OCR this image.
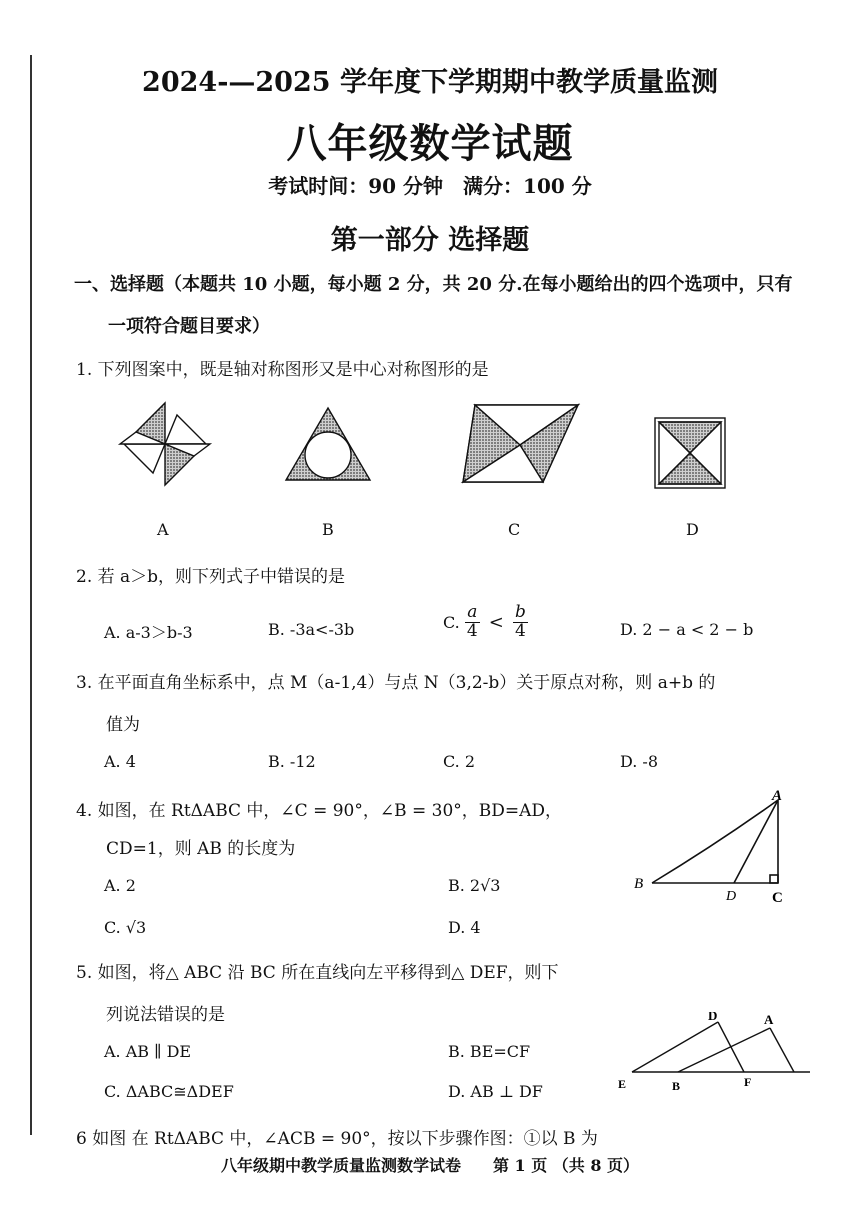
2024-—2025 学年度下学期期中教学质量监测
八年级数学试题
考试时间：90 分钟　满分：100 分
第一部分 选择题
一、选择题（本题共 10 小题，每小题 2 分，共 20 分.在每小题给出的四个选项中，只有
一项符合题目要求）
1. 下列图案中，既是轴对称图形又是中心对称图形的是
A	B	C	D
2. 若 a＞b，则下列式子中错误的是
A. a-3＞b-3	B. -3a<-3b	C. $\frac{a}{4} < \frac{b}{4}$	D. 2 − a < 2 − b
3. 在平面直角坐标系中，点 M（a-1,4）与点 N（3,2-b）关于原点对称，则 a+b 的
值为
A. 4	B. -12	C. 2	D. -8
4. 如图，在 RtΔABC 中，∠C = 90°，∠B = 30°，BD=AD，
CD=1，则 AB 的长度为
A. 2	B. 2√3
C. √3	D. 4
A
B
D C
5. 如图，将△ ABC 沿 BC 所在直线向左平移得到△ DEF，则下
列说法错误的是
A. AB ∥ DE	B. BE=CF
C. ΔABC≅ΔDEF	D. AB ⊥ DF
D	A
E	B	F
6 如图 在 RtΔABC 中，∠ACB = 90°，按以下步骤作图：①以 B 为
八年级期中教学质量监测数学试卷　　第 1 页 （共 8 页）
